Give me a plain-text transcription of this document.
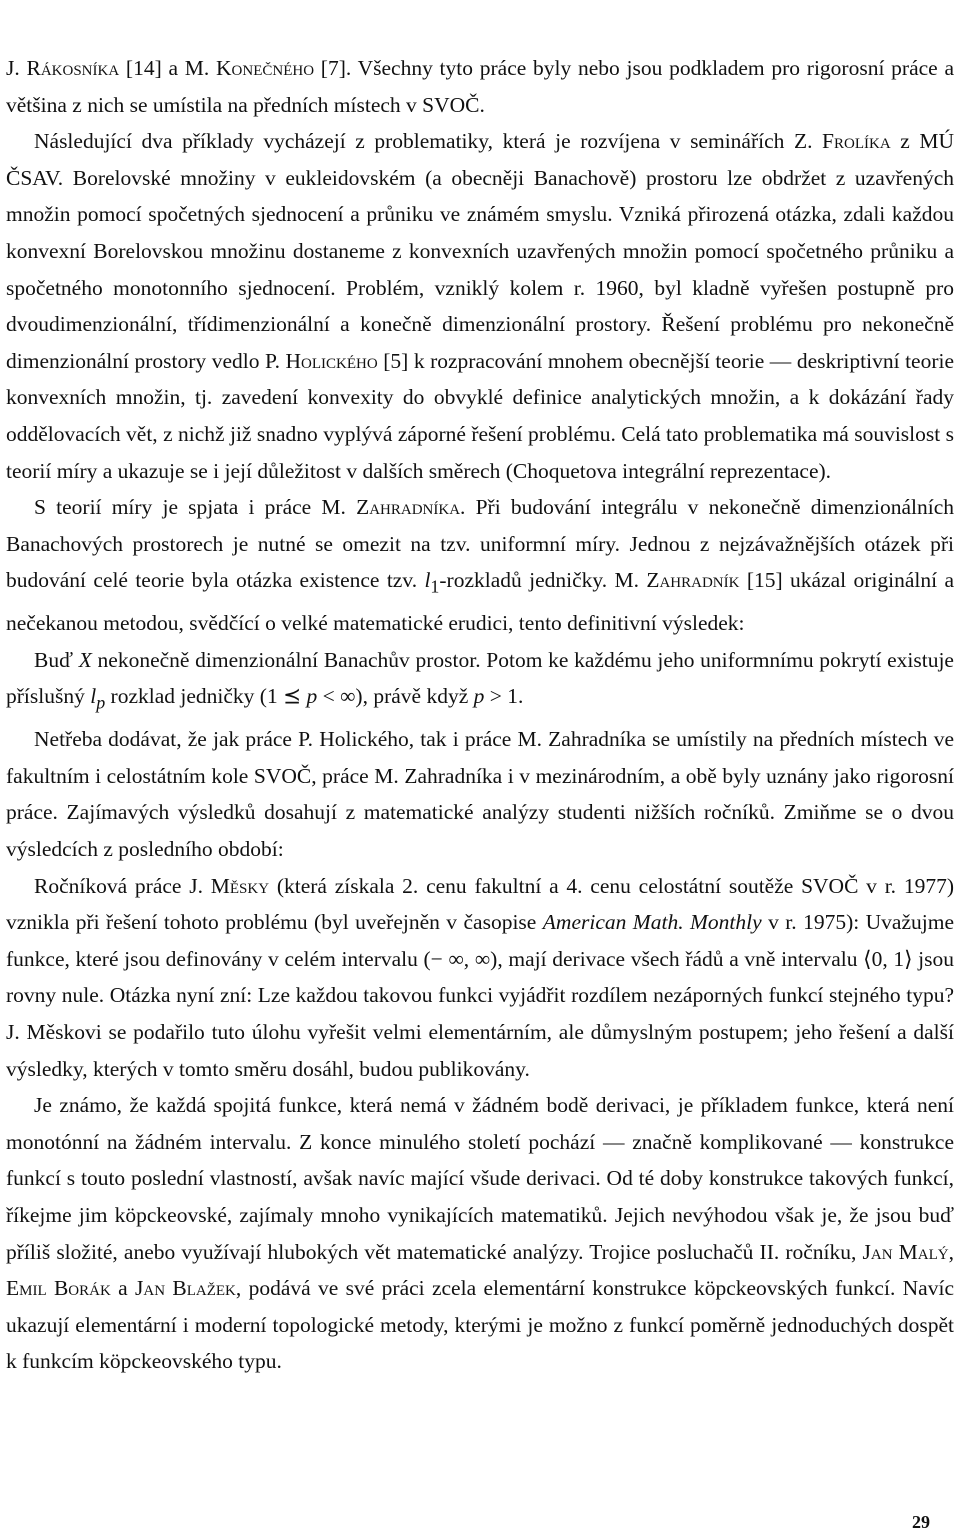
J. Rákosníka [14] a M. Konečného [7]. Všechny tyto práce byly nebo jsou podkladem pro rigorosní práce a většina z nich se umístila na předních místech v SVOČ.

Následující dva příklady vycházejí z problematiky, která je rozvíjena v seminářích Z. Frolíka z MÚ ČSAV. Borelovské množiny v eukleidovském (a obecněji Banachově) prostoru lze obdržet z uzavřených množin pomocí spočetných sjednocení a průniku ve známém smyslu. Vzniká přirozená otázka, zdali každou konvexní Borelovskou množinu dostaneme z konvexních uzavřených množin pomocí spočetného průniku a spočetného monotonního sjednocení. Problém, vzniklý kolem r. 1960, byl kladně vyřešen postupně pro dvoudimenzionální, třídimenzionální a konečně dimenzionální prostory. Řešení problému pro nekonečně dimenzionální prostory vedlo P. Holického [5] k rozpracování mnohem obecnější teorie — deskriptivní teorie konvexních množin, tj. zavedení konvexity do obvyklé definice analytických množin, a k dokázání řady oddělovacích vět, z nichž již snadno vyplývá záporné řešení problému. Celá tato problematika má souvislost s teorií míry a ukazuje se i její důležitost v dalších směrech (Choquetova integrální reprezentace).

S teorií míry je spjata i práce M. Zahradníka. Při budování integrálu v nekonečně dimenzionálních Banachových prostorech je nutné se omezit na tzv. uniformní míry. Jednou z nejzávažnějších otázek při budování celé teorie byla otázka existence tzv. $l_1$-rozkladů jedničky. M. Zahradník [15] ukázal originální a nečekanou metodou, svědčící o velké matematické erudici, tento definitivní výsledek:

Buď X nekonečně dimenzionální Banachův prostor. Potom ke každému jeho uniformnímu pokrytí existuje příslušný $l_p$ rozklad jedničky (1 ⪯ p < ∞), právě když p > 1.

Netřeba dodávat, že jak práce P. Holického, tak i práce M. Zahradníka se umístily na předních místech ve fakultním i celostátním kole SVOČ, práce M. Zahradníka i v mezinárodním, a obě byly uznány jako rigorosní práce. Zajímavých výsledků dosahují z matematické analýzy studenti nižších ročníků. Zmiňme se o dvou výsledcích z posledního období:

Ročníková práce J. Měsky (která získala 2. cenu fakultní a 4. cenu celostátní soutěže SVOČ v r. 1977) vznikla při řešení tohoto problému (byl uveřejněn v časopise American Math. Monthly v r. 1975): Uvažujme funkce, které jsou definovány v celém intervalu (− ∞, ∞), mají derivace všech řádů a vně intervalu ⟨0, 1⟩ jsou rovny nule. Otázka nyní zní: Lze každou takovou funkci vyjádřit rozdílem nezáporných funkcí stejného typu? J. Měskovi se podařilo tuto úlohu vyřešit velmi elementárním, ale důmyslným postupem; jeho řešení a další výsledky, kterých v tomto směru dosáhl, budou publikovány.

Je známo, že každá spojitá funkce, která nemá v žádném bodě derivaci, je příkladem funkce, která není monotónní na žádném intervalu. Z konce minulého století pochází — značně komplikované — konstrukce funkcí s touto poslední vlastností, avšak navíc mající všude derivaci. Od té doby konstrukce takových funkcí, říkejme jim köpckeovské, zajímaly mnoho vynikajících matematiků. Jejich nevýhodou však je, že jsou buď příliš složité, anebo využívají hlubokých vět matematické analýzy. Trojice posluchačů II. ročníku, Jan Malý, Emil Borák a Jan Blažek, podává ve své práci zcela elementární konstrukce köpckeovských funkcí. Navíc ukazují elementární i moderní topologické metody, kterými je možno z funkcí poměrně jednoduchých dospět k funkcím köpckeovského typu.

29
